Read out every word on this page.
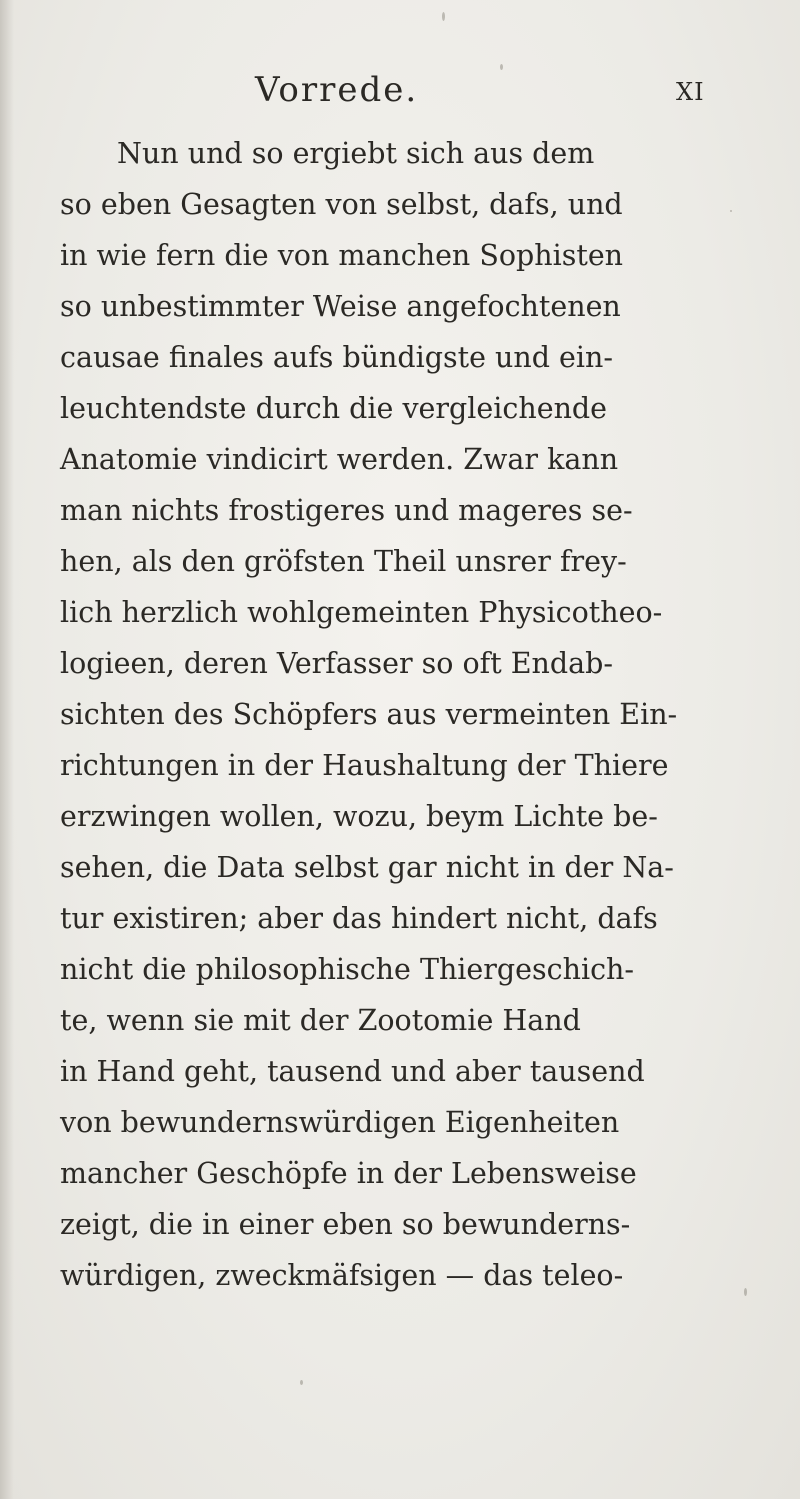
Vorrede.	XI
Nun und so ergiebt sich aus dem
so eben Gesagten von selbst, dafs, und
in wie fern die von manchen Sophisten
so unbestimmter Weise angefochtenen
causae finales aufs bündigste und ein-
leuchtendste durch die vergleichende
Anatomie vindicirt werden. Zwar kann
man nichts frostigeres und mageres se-
hen, als den gröfsten Theil unsrer frey-
lich herzlich wohlgemeinten Physicotheo-
logieen, deren Verfasser so oft Endab-
sichten des Schöpfers aus vermeinten Ein-
richtungen in der Haushaltung der Thiere
erzwingen wollen, wozu, beym Lichte be-
sehen, die Data selbst gar nicht in der Na-
tur existiren; aber das hindert nicht, dafs
nicht die philosophische Thiergeschich-
te, wenn sie mit der Zootomie Hand
in Hand geht, tausend und aber tausend
von bewundernswürdigen Eigenheiten
mancher Geschöpfe in der Lebensweise
zeigt, die in einer eben so bewunderns-
würdigen, zweckmäfsigen — das teleo-
